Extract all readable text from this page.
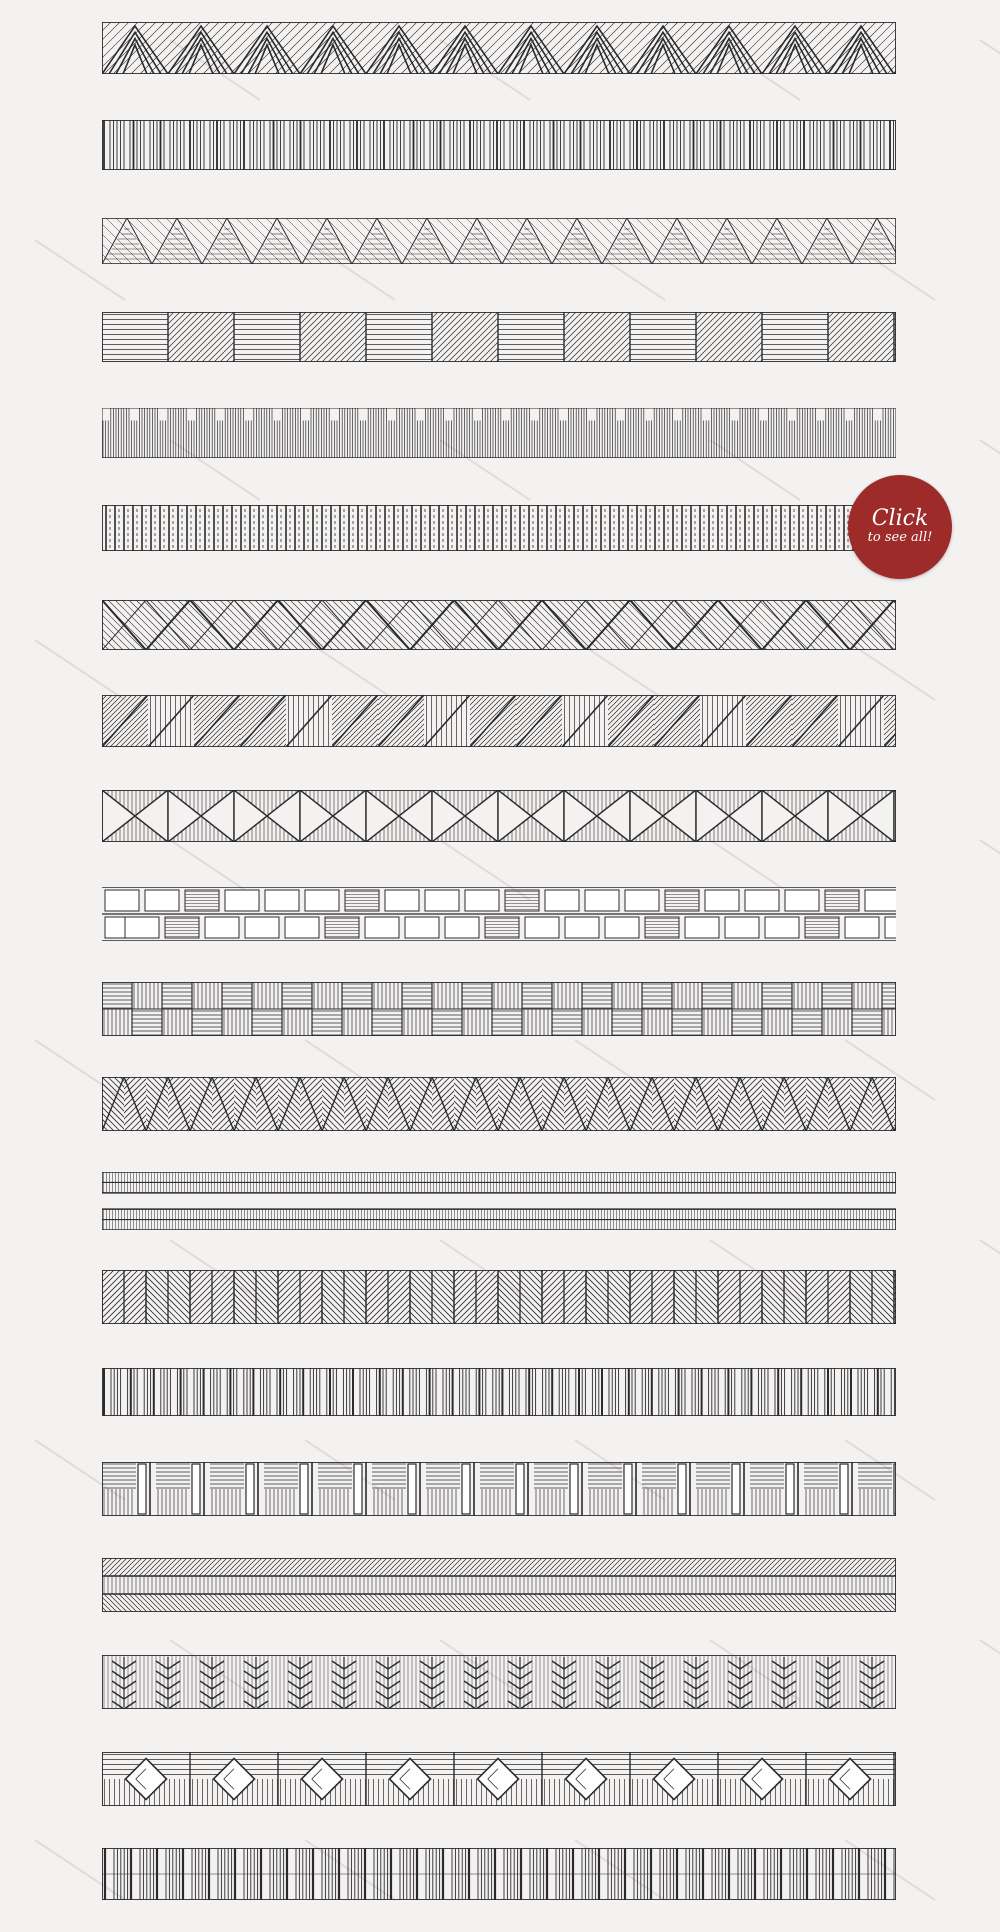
Click
to see all!
